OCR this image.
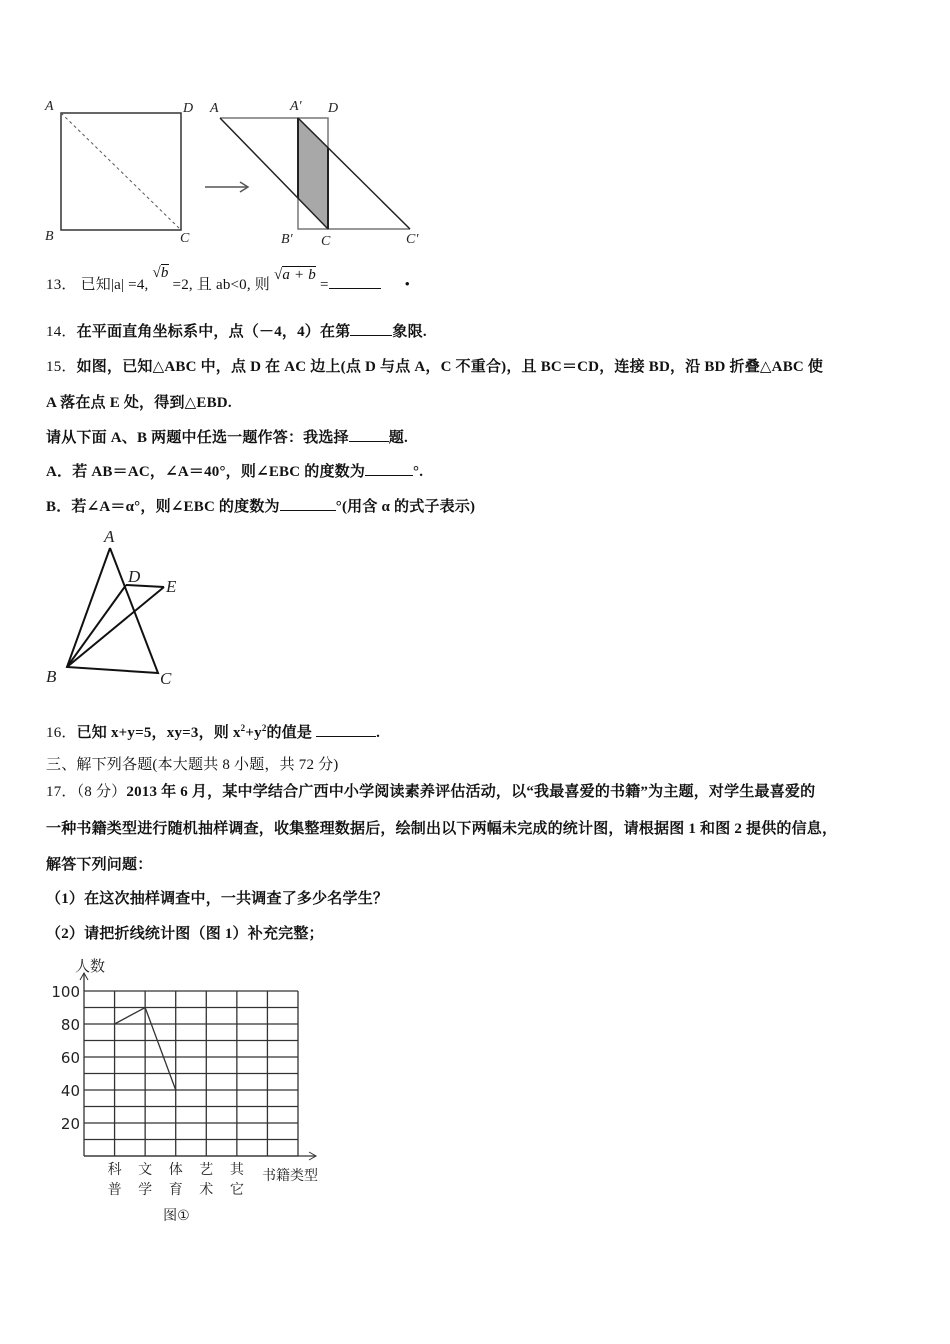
A	D
B	C
A	A′ D
B′ C	C′
A
D
E
B	C
人数
20
40
60
80
100
科
普
文
学
体
育
艺
术
其
它
书籍类型
图①
13． 已知|a| =4, √b =2, 且 ab<0, 则 √a + b =	•
14．在平面直角坐标系中，点（－4，4）在第	象限.
15．如图，已知△ABC 中，点 D 在 AC 边上(点 D 与点 A，C 不重合)，且 BC＝CD，连接 BD，沿 BD 折叠△ABC 使
A 落在点 E 处，得到△EBD.
请从下面 A、B 两题中任选一题作答：我选择	题.
A．若 AB＝AC，∠A＝40°，则∠EBC 的度数为	°.
B．若∠A＝α°，则∠EBC 的度数为	°(用含 α 的式子表示)
16．已知 x+y=5，xy=3，则 $x^2+y^2$的值是	.
三、解下列各题(本大题共 8 小题，共 72 分)
17．（8 分）2013 年 6 月，某中学结合广西中小学阅读素养评估活动，以“我最喜爱的书籍”为主题，对学生最喜爱的
一种书籍类型进行随机抽样调查，收集整理数据后，绘制出以下两幅未完成的统计图，请根据图 1 和图 2 提供的信息，
解答下列问题：
（1）在这次抽样调查中，一共调查了多少名学生？
（2）请把折线统计图（图 1）补充完整；
